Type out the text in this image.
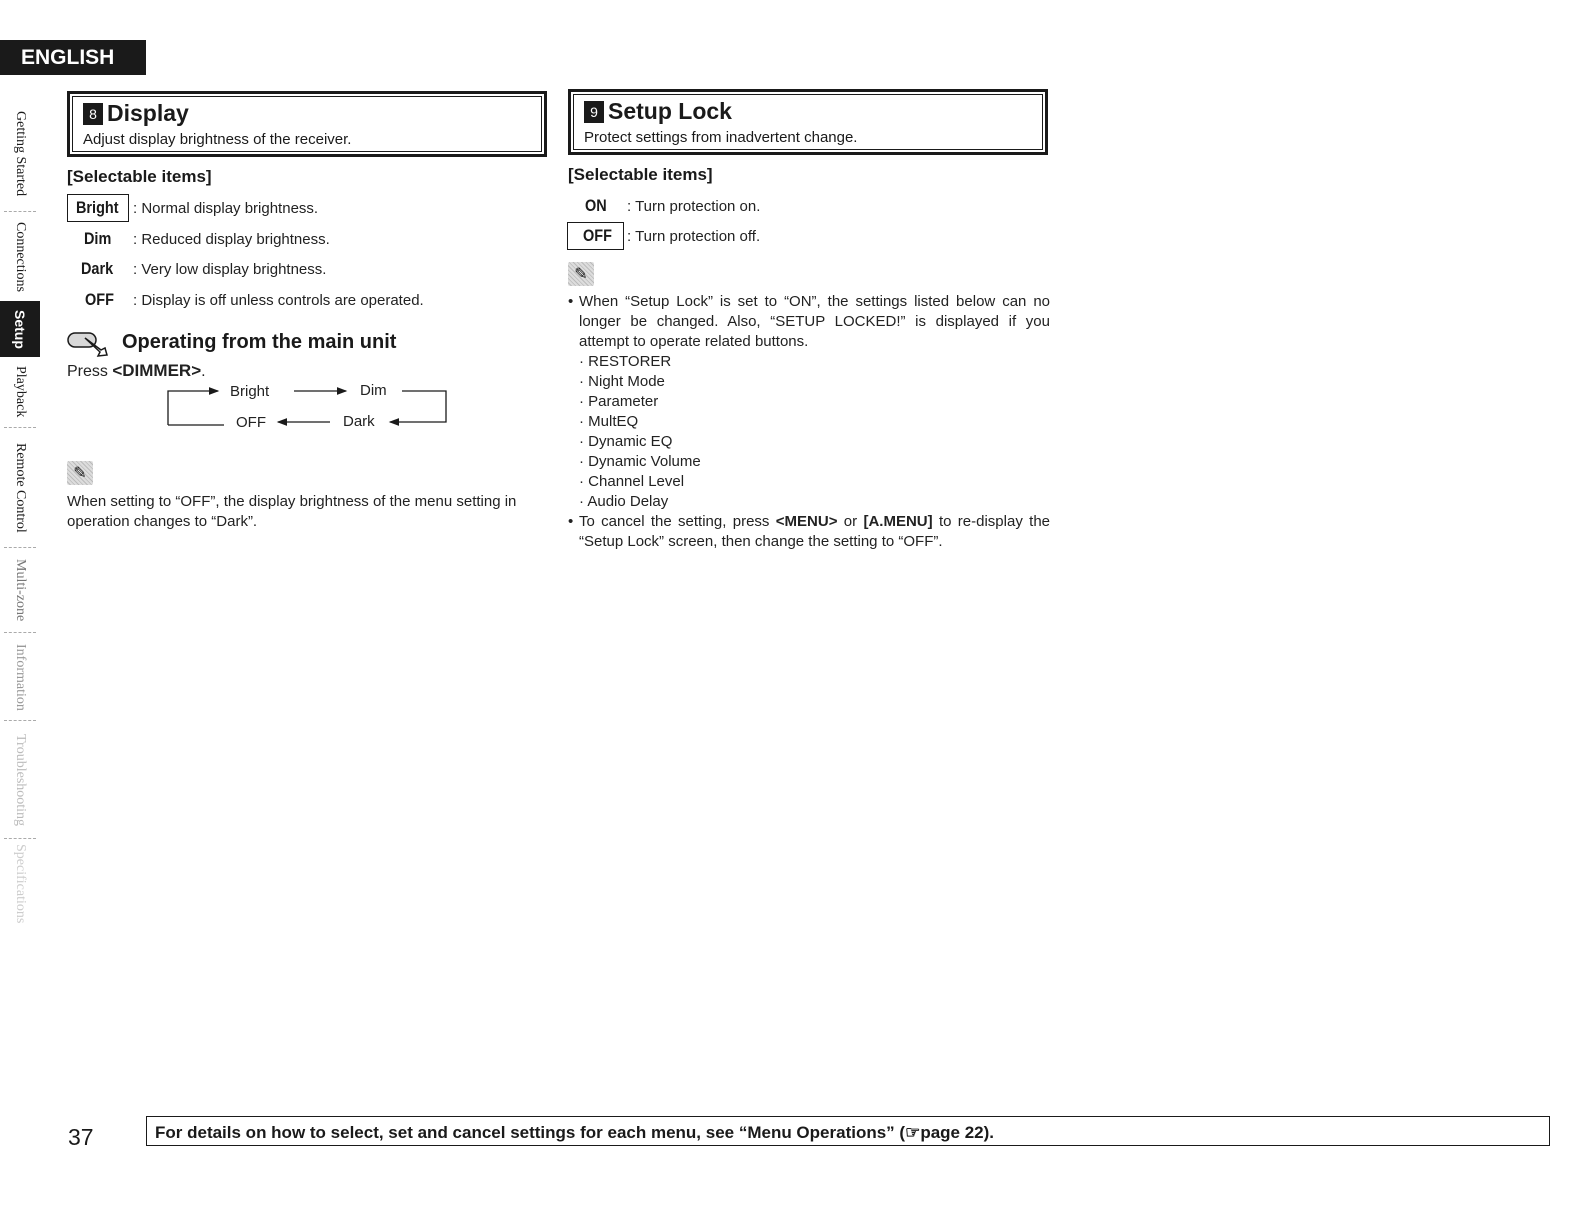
ENGLISH
Getting Started
Connections
Setup
Playback
Remote Control
Multi-zone
Information
Troubleshooting
Specifications
8 Display
Adjust display brightness of the receiver.
[Selectable items]
Bright : Normal display brightness.
Dim : Reduced display brightness.
Dark : Very low display brightness.
OFF : Display is off unless controls are operated.
Operating from the main unit
Press <DIMMER>.
Bright	Dim
Dark
OFF
✎
When setting to “OFF”, the display brightness of the menu setting in operation changes to “Dark”.
9 Setup Lock
Protect settings from inadvertent change.
[Selectable items]
ON : Turn protection on.
OFF : Turn protection off.
✎
• When “Setup Lock” is set to “ON”, the settings listed below can no longer be changed. Also, “SETUP LOCKED!” is displayed if you attempt to operate related buttons.
· RESTORER
· Night Mode
· Parameter
· MultEQ
· Dynamic EQ
· Dynamic Volume
· Channel Level
· Audio Delay
• To cancel the setting, press <MENU> or [A.MENU] to re-display the “Setup Lock” screen, then change the setting to “OFF”.
37	For details on how to select, set and cancel settings for each menu, see “Menu Operations” (☞page 22).
